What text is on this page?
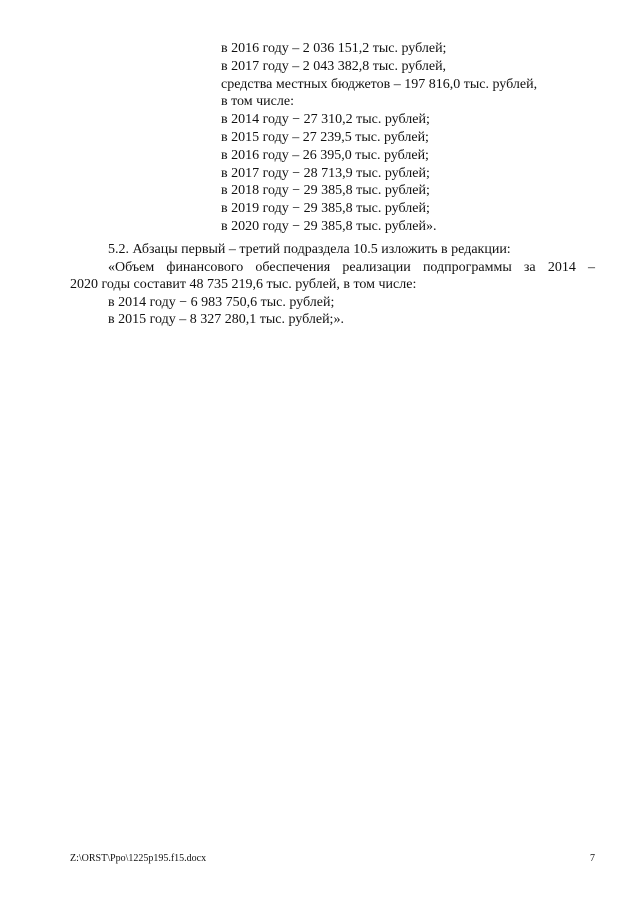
в 2016 году – 2 036 151,2 тыс. рублей;
в 2017 году – 2 043 382,8 тыс. рублей,
средства местных бюджетов – 197 816,0 тыс. рублей,
в том числе:
в 2014 году − 27 310,2 тыс. рублей;
в 2015 году – 27 239,5 тыс. рублей;
в 2016 году – 26 395,0 тыс. рублей;
в 2017 году − 28 713,9 тыс. рублей;
в 2018 году − 29 385,8 тыс. рублей;
в 2019 году − 29 385,8 тыс. рублей;
в 2020 году − 29 385,8 тыс. рублей».
5.2. Абзацы первый – третий подраздела 10.5 изложить в редакции:
«Объем финансового обеспечения реализации подпрограммы за 2014 –
2020 годы составит 48 735 219,6 тыс. рублей, в том числе:
в 2014 году − 6 983 750,6 тыс. рублей;
в 2015 году – 8 327 280,1 тыс. рублей;».
Z:\ORST\Ppo\1225p195.f15.docx	7
